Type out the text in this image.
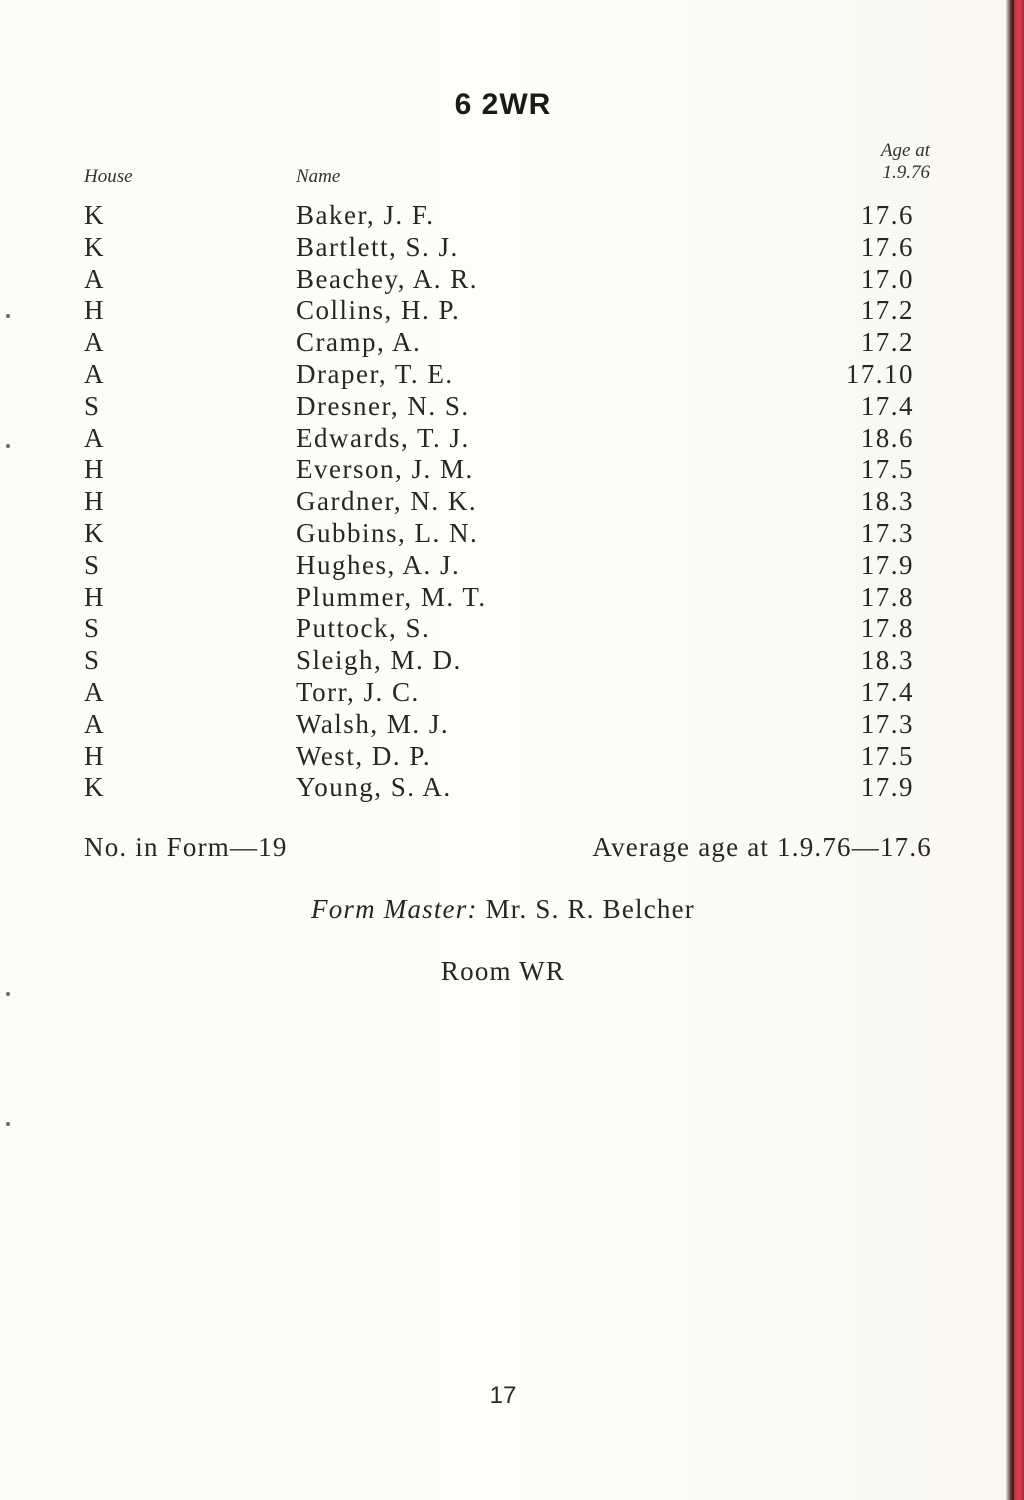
6 2WR
House	Name
Age at
1.9.76
K	Baker, J. F.	17.6
K	Bartlett, S. J.	17.6
A	Beachey, A. R.	17.0
H	Collins, H. P.	17.2
A	Cramp, A.	17.2
A	Draper, T. E.	17.10
S	Dresner, N. S.	17.4
A	Edwards, T. J.	18.6
H	Everson, J. M.	17.5
H	Gardner, N. K.	18.3
K	Gubbins, L. N.	17.3
S	Hughes, A. J.	17.9
H	Plummer, M. T.	17.8
S	Puttock, S.	17.8
S	Sleigh, M. D.	18.3
A	Torr, J. C.	17.4
A	Walsh, M. J.	17.3
H	West, D. P.	17.5
K	Young, S. A.	17.9
No. in Form—19	Average age at 1.9.76—17.6
Form Master: Mr. S. R. Belcher
Room WR
17
